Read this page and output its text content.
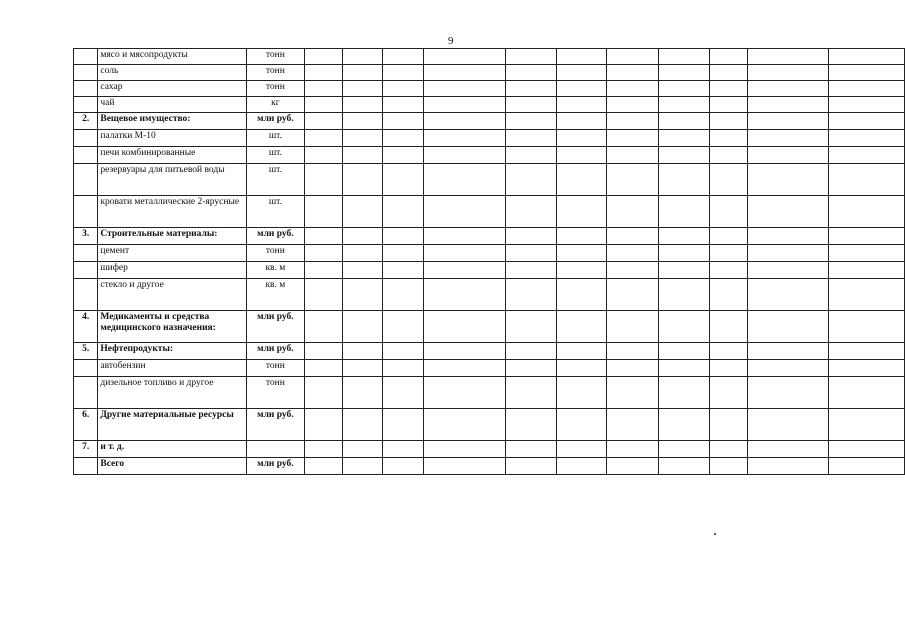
9
	мясо и мясопродукты	тонн											
	соль	тонн											
	сахар	тонн											
	чай	кг											
2.	Вещевое имущество:	млн руб.											
	палатки М-10	шт.											
	печи комбинированные	шт.											
	резервуары для питьевой воды	шт.											
	кровати металлические 2-ярусные	шт.											
3.	Строительные материалы:	млн руб.											
	цемент	тонн											
	шифер	кв. м											
	стекло и другое	кв. м											
4.	Медикаменты и средства медицинского назначения:	млн руб.											
5.	Нефтепродукты:	млн руб.											
	автобензин	тонн											
	дизельное топливо и другое	тонн											
6.	Другие материальные ресурсы	млн руб.											
7.	и т. д.												
	Всего	млн руб.											
